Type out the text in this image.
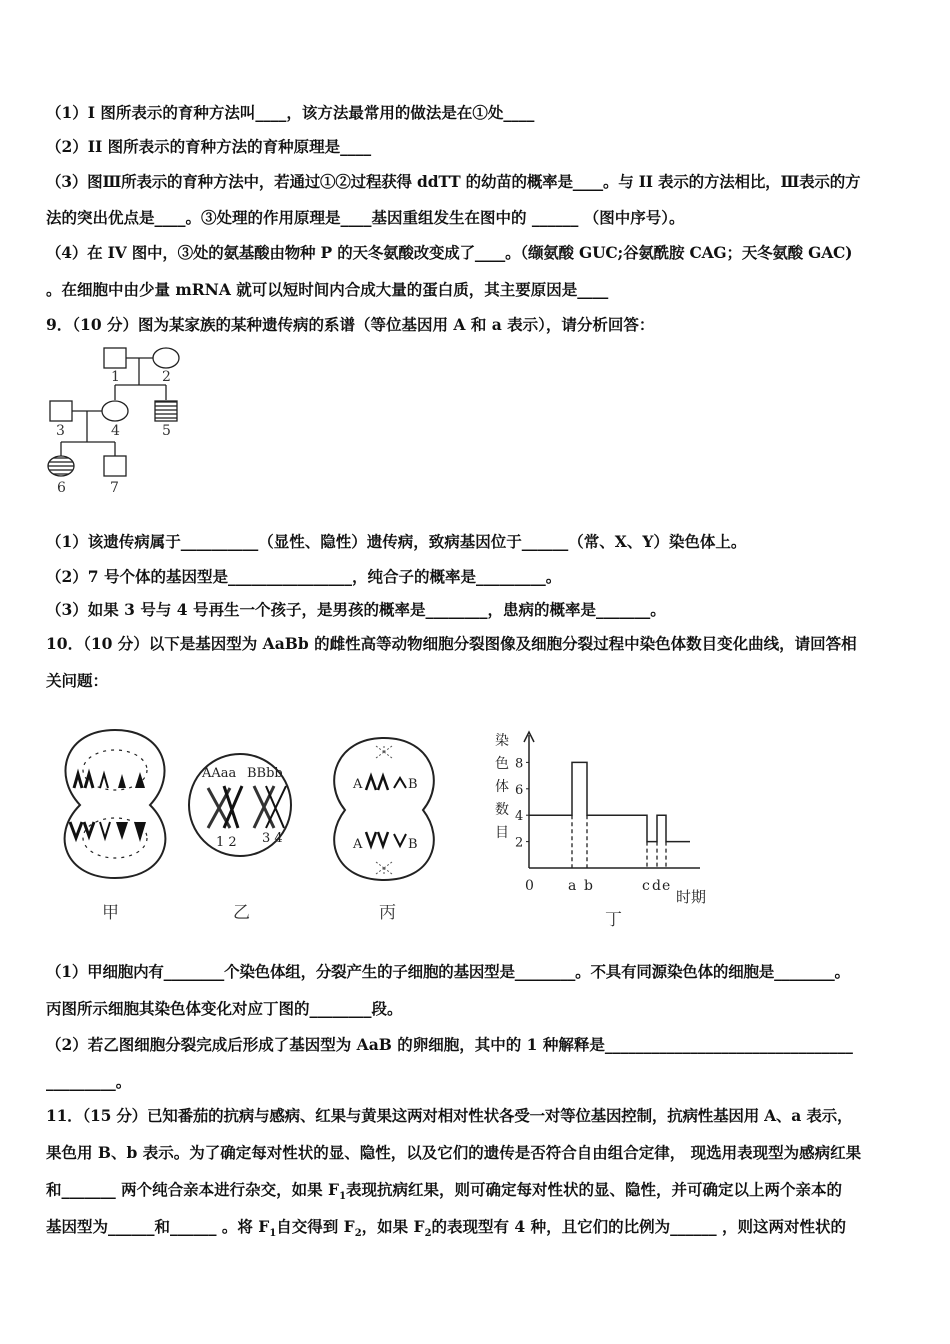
（1）I 图所表示的育种方法叫____，该方法最常用的做法是在①处____
（2）II 图所表示的育种方法的育种原理是____
（3）图Ⅲ所表示的育种方法中，若通过①②过程获得 ddTT 的幼苗的概率是____。与 II 表示的方法相比，Ⅲ表示的方
法的突出优点是____。③处理的作用原理是____基因重组发生在图中的 ______ （图中序号）。
（4）在 IV 图中，③处的氨基酸由物种 P 的天冬氨酸改变成了____。（缬氨酸 GUC;谷氨酰胺 CAG；天冬氨酸 GAC)
。在细胞中由少量 mRNA 就可以短时间内合成大量的蛋白质，其主要原因是____
9．（10 分）图为某家族的某种遗传病的系谱（等位基因用 A 和 a 表示），请分析回答：
1	2
3	4	5
6	7
（1）该遗传病属于__________（显性、隐性）遗传病，致病基因位于______（常、X、Y）染色体上。
（2）7 号个体的基因型是________________，纯合子的概率是_________。
（3）如果 3 号与 4 号再生一个孩子，是男孩的概率是________，患病的概率是_______。
10．（10 分）以下是基因型为 AaBb 的雌性高等动物细胞分裂图像及细胞分裂过程中染色体数目变化曲线，请回答相
关问题：
甲
AAaa BBbb
1 2 3 4
乙
A	B
A	B
丙
染
色
体
数
目
时期
丁
2
4
6
8
0 a b	c d e
（1）甲细胞内有________个染色体组，分裂产生的子细胞的基因型是________。不具有同源染色体的细胞是________。
丙图所示细胞其染色体变化对应丁图的________段。
（2）若乙图细胞分裂完成后形成了基因型为 AaB 的卵细胞，其中的 1 种解释是________________________________
_________。
11．（15 分）已知番茄的抗病与感病、红果与黄果这两对相对性状各受一对等位基因控制，抗病性基因用 A、a 表示，
果色用 B、b 表示。为了确定每对性状的显、隐性，以及它们的遗传是否符合自由组合定律， 现选用表现型为感病红果
和_______ 两个纯合亲本进行杂交，如果 $F_1$表现抗病红果，则可确定每对性状的显、隐性，并可确定以上两个亲本的
基因型为______和______ 。将 $F_1$自交得到 $F_2$，如果 $F_2$的表现型有 4 种，且它们的比例为______ ，则这两对性状的
